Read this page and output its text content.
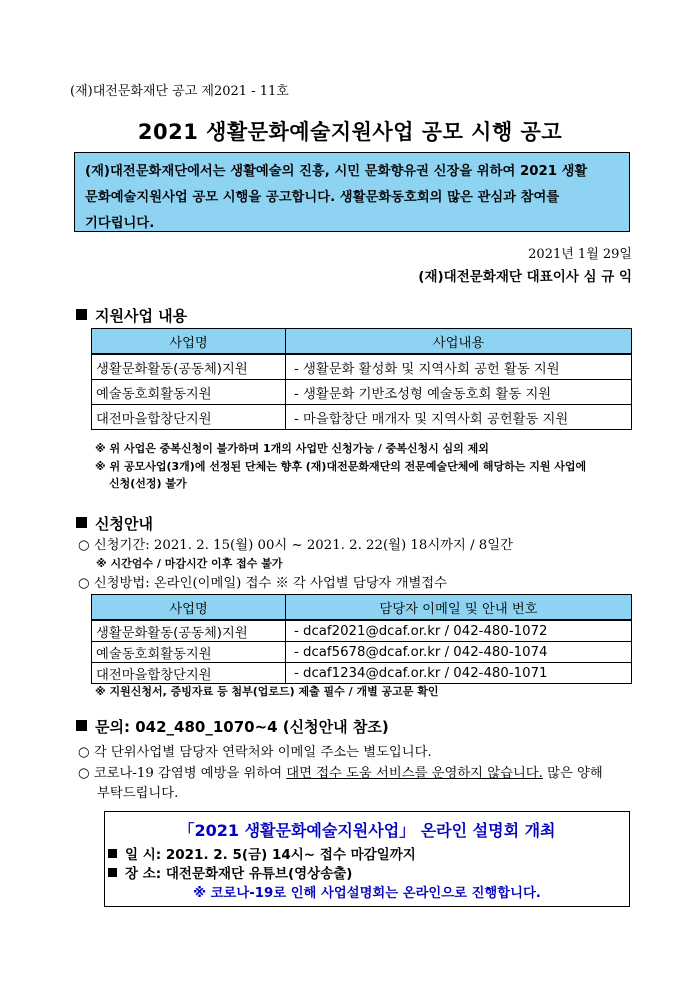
(재)대전문화재단 공고 제2021 - 11호
2021 생활문화예술지원사업 공모 시행 공고
(재)대전문화재단에서는 생활예술의 진흥, 시민 문화향유권 신장을 위하여 2021 생활
문화예술지원사업 공모 시행을 공고합니다. 생활문화동호회의 많은 관심과 참여를
기다립니다.
2021년 1월 29일
(재)대전문화재단 대표이사 심 규 익
지원사업 내용
사업명	사업내용
생활문화활동(공동체)지원	- 생활문화 활성화 및 지역사회 공헌 활동 지원
예술동호회활동지원	- 생활문화 기반조성형 예술동호회 활동 지원
대전마을합창단지원	- 마을합창단 매개자 및 지역사회 공헌활동 지원
※ 위 사업은 중복신청이 불가하며 1개의 사업만 신청가능 / 중복신청시 심의 제외
※ 위 공모사업(3개)에 선정된 단체는 향후 (재)대전문화재단의 전문예술단체에 해당하는 지원 사업에
신청(선정) 불가
신청안내
○ 신청기간: 2021. 2. 15(월) 00시 ~ 2021. 2. 22(월) 18시까지 / 8일간
※ 시간엄수 / 마감시간 이후 접수 불가
○ 신청방법: 온라인(이메일) 접수 ※ 각 사업별 담당자 개별접수
사업명	담당자 이메일 및 안내 번호
생활문화활동(공동체)지원	- dcaf2021@dcaf.or.kr / 042-480-1072
예술동호회활동지원	- dcaf5678@dcaf.or.kr / 042-480-1074
대전마을합창단지원	- dcaf1234@dcaf.or.kr / 042-480-1071
※ 지원신청서, 증빙자료 등 첨부(업로드) 제출 필수 / 개별 공고문 확인
문의: 042_480_1070~4 (신청안내 참조)
○ 각 단위사업별 담당자 연락처와 이메일 주소는 별도입니다.
○ 코로나-19 감염병 예방을 위하여 대면 접수 도움 서비스를 운영하지 않습니다. 많은 양해
부탁드립니다.
「2021 생활문화예술지원사업」 온라인 설명회 개최
일 시: 2021. 2. 5(금) 14시~ 접수 마감일까지
장 소: 대전문화재단 유튜브(영상송출)
※ 코로나-19로 인해 사업설명회는 온라인으로 진행합니다.
